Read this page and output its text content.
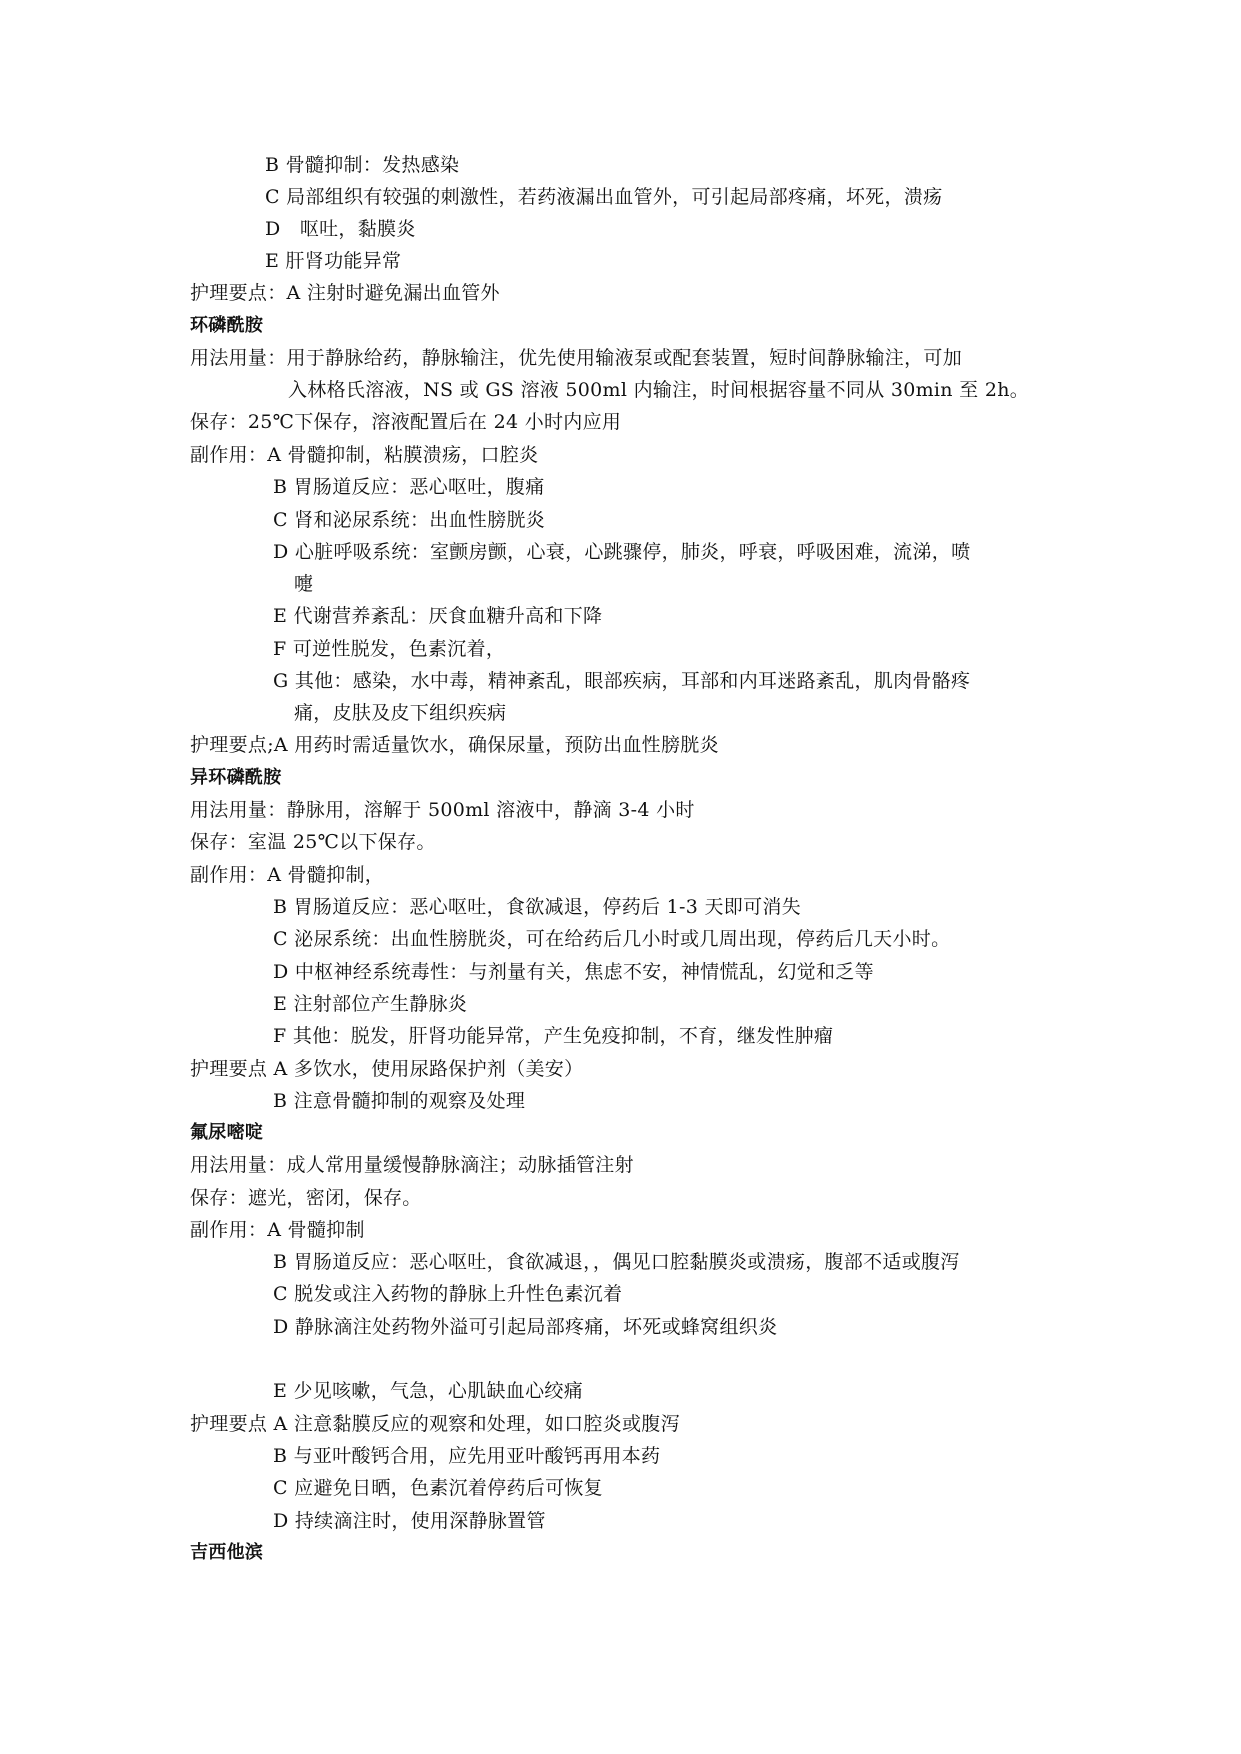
B 骨髓抑制：发热感染
C 局部组织有较强的刺激性，若药液漏出血管外，可引起局部疼痛，坏死，溃疡
D　呕吐，黏膜炎
E 肝肾功能异常
护理要点：A 注射时避免漏出血管外
环磷酰胺
用法用量：用于静脉给药，静脉输注，优先使用输液泵或配套装置，短时间静脉输注，可加
入林格氏溶液，NS 或 GS 溶液 500ml 内输注，时间根据容量不同从 30min 至 2h。
保存：25℃下保存，溶液配置后在 24 小时内应用
副作用：A 骨髓抑制，粘膜溃疡，口腔炎
B 胃肠道反应：恶心呕吐，腹痛
C 肾和泌尿系统：出血性膀胱炎
D 心脏呼吸系统：室颤房颤，心衰，心跳骤停，肺炎，呼衰，呼吸困难，流涕，喷
嚏
E 代谢营养紊乱：厌食血糖升高和下降
F 可逆性脱发，色素沉着，
G 其他：感染，水中毒，精神紊乱，眼部疾病，耳部和内耳迷路紊乱，肌肉骨骼疼
痛，皮肤及皮下组织疾病
护理要点;A 用药时需适量饮水，确保尿量，预防出血性膀胱炎
异环磷酰胺
用法用量：静脉用，溶解于 500ml 溶液中，静滴 3-4 小时
保存：室温 25℃以下保存。
副作用：A 骨髓抑制，
B 胃肠道反应：恶心呕吐，食欲减退，停药后 1-3 天即可消失
C 泌尿系统：出血性膀胱炎，可在给药后几小时或几周出现，停药后几天小时。
D 中枢神经系统毒性：与剂量有关，焦虑不安，神情慌乱，幻觉和乏等
E 注射部位产生静脉炎
F 其他：脱发，肝肾功能异常，产生免疫抑制，不育，继发性肿瘤
护理要点 A 多饮水，使用尿路保护剂（美安）
B 注意骨髓抑制的观察及处理
氟尿嘧啶
用法用量：成人常用量缓慢静脉滴注；动脉插管注射
保存：遮光，密闭，保存。
副作用：A 骨髓抑制
B 胃肠道反应：恶心呕吐，食欲减退，，偶见口腔黏膜炎或溃疡，腹部不适或腹泻
C 脱发或注入药物的静脉上升性色素沉着
D 静脉滴注处药物外溢可引起局部疼痛，坏死或蜂窝组织炎
E 少见咳嗽，气急，心肌缺血心绞痛
护理要点 A 注意黏膜反应的观察和处理，如口腔炎或腹泻
B 与亚叶酸钙合用，应先用亚叶酸钙再用本药
C 应避免日晒，色素沉着停药后可恢复
D 持续滴注时，使用深静脉置管
吉西他滨
